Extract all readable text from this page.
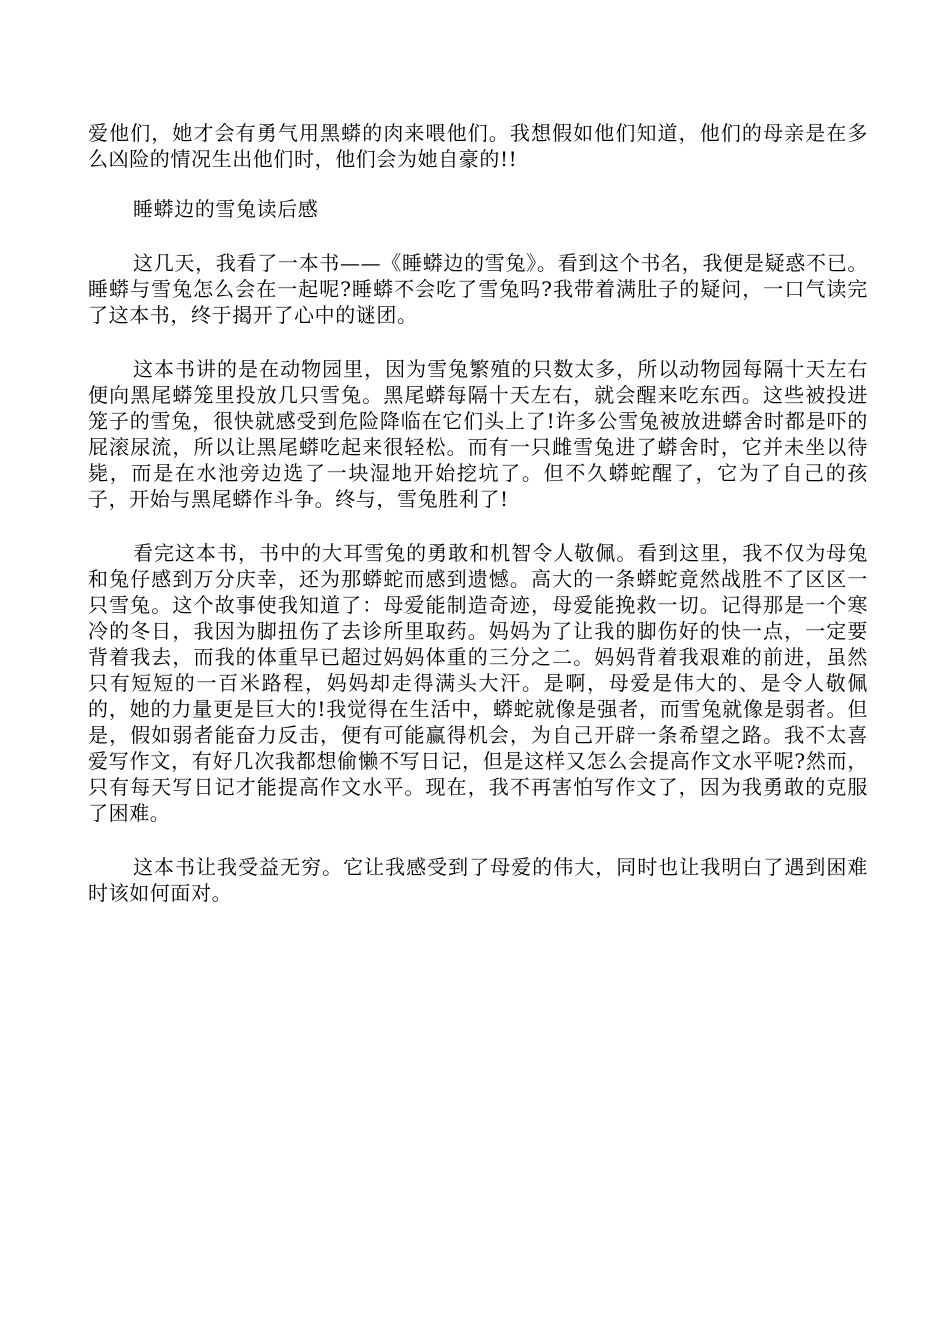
爱他们，她才会有勇气用黑蟒的肉来喂他们。我想假如他们知道，他们的母亲是在多么凶险的情况生出他们时，他们会为她自豪的!!

睡蟒边的雪兔读后感

这几天，我看了一本书——《睡蟒边的雪兔》。看到这个书名，我便是疑惑不已。睡蟒与雪兔怎么会在一起呢?睡蟒不会吃了雪兔吗?我带着满肚子的疑问，一口气读完了这本书，终于揭开了心中的谜团。

这本书讲的是在动物园里，因为雪兔繁殖的只数太多，所以动物园每隔十天左右便向黑尾蟒笼里投放几只雪兔。黑尾蟒每隔十天左右，就会醒来吃东西。这些被投进笼子的雪兔，很快就感受到危险降临在它们头上了!许多公雪兔被放进蟒舍时都是吓的屁滚尿流，所以让黑尾蟒吃起来很轻松。而有一只雌雪兔进了蟒舍时，它并未坐以待毙，而是在水池旁边选了一块湿地开始挖坑了。但不久蟒蛇醒了，它为了自己的孩子，开始与黑尾蟒作斗争。终与，雪兔胜利了!

看完这本书，书中的大耳雪兔的勇敢和机智令人敬佩。看到这里，我不仅为母兔和兔仔感到万分庆幸，还为那蟒蛇而感到遗憾。高大的一条蟒蛇竟然战胜不了区区一只雪兔。这个故事使我知道了：母爱能制造奇迹，母爱能挽救一切。记得那是一个寒冷的冬日，我因为脚扭伤了去诊所里取药。妈妈为了让我的脚伤好的快一点，一定要背着我去，而我的体重早已超过妈妈体重的三分之二。妈妈背着我艰难的前进，虽然只有短短的一百米路程，妈妈却走得满头大汗。是啊，母爱是伟大的、是令人敬佩的，她的力量更是巨大的!我觉得在生活中，蟒蛇就像是强者，而雪兔就像是弱者。但是，假如弱者能奋力反击，便有可能赢得机会，为自己开辟一条希望之路。我不太喜爱写作文，有好几次我都想偷懒不写日记，但是这样又怎么会提高作文水平呢?然而，只有每天写日记才能提高作文水平。现在，我不再害怕写作文了，因为我勇敢的克服了困难。

这本书让我受益无穷。它让我感受到了母爱的伟大，同时也让我明白了遇到困难时该如何面对。
